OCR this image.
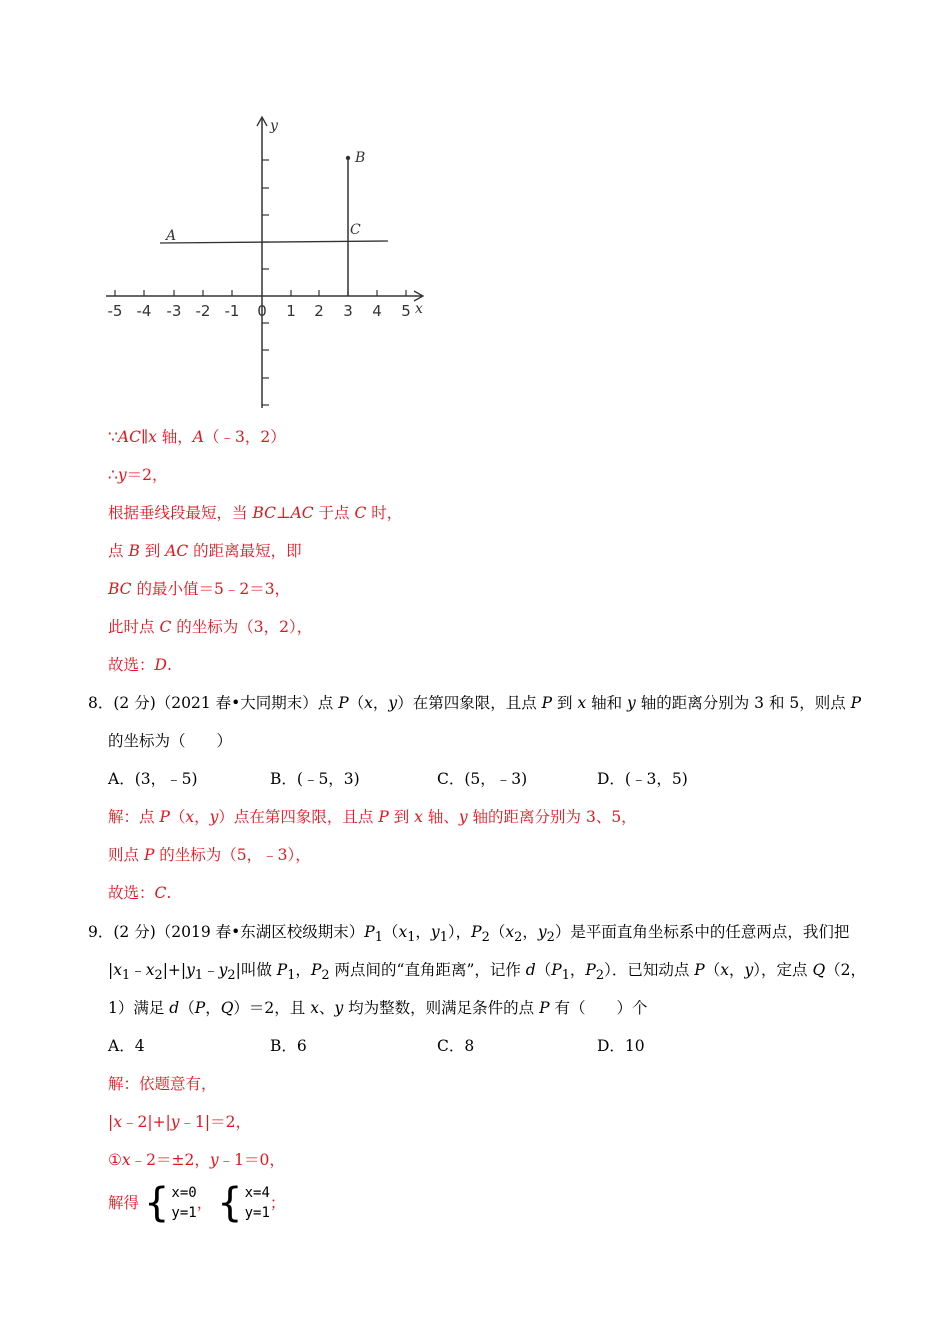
-5 -4 -3 -2 -1 0 1 2 3 4 5 x
y
A
B
C
∵AC∥x 轴，A（﹣3，2）
∴y＝2，
根据垂线段最短，当 BC⊥AC 于点 C 时，
点 B 到 AC 的距离最短，即
BC 的最小值＝5﹣2＝3，
此时点 C 的坐标为（3，2），
故选：D.
8．(2 分)（2021 春•大同期末）点 P（x，y）在第四象限，且点 P 到 x 轴和 y 轴的距离分别为 3 和 5，则点 P
的坐标为（　　）
A．(3，﹣5)	B．(﹣5，3)	C．(5，﹣3)	D．(﹣3，5)
解：点 P（x，y）点在第四象限，且点 P 到 x 轴、y 轴的距离分别为 3、5，
则点 P 的坐标为（5，﹣3），
故选：C.
9．(2 分)（2019 春•东湖区校级期末）$P_1(x_1$，$y_1$），$P_2(x_2$，$y_2$）是平面直角坐标系中的任意两点，我们把
$|x_1﹣x_2|+|y_1﹣y_2|$叫做 $P_1$，$P_2$ 两点间的“直角距离”，记作 $d(P_1$，$P_2$）．已知动点 P（x，y），定点 Q（2，
1）满足 d（P，Q）＝2，且 x、y 均为整数，则满足条件的点 P 有（　　）个
A．4	B．6	C．8	D．10
解：依题意有，
|x﹣2|+|y﹣1|＝2，
①x﹣2＝±2，y﹣1＝0，
解得 { x=0
y=1
， { x=4
y=1
；
